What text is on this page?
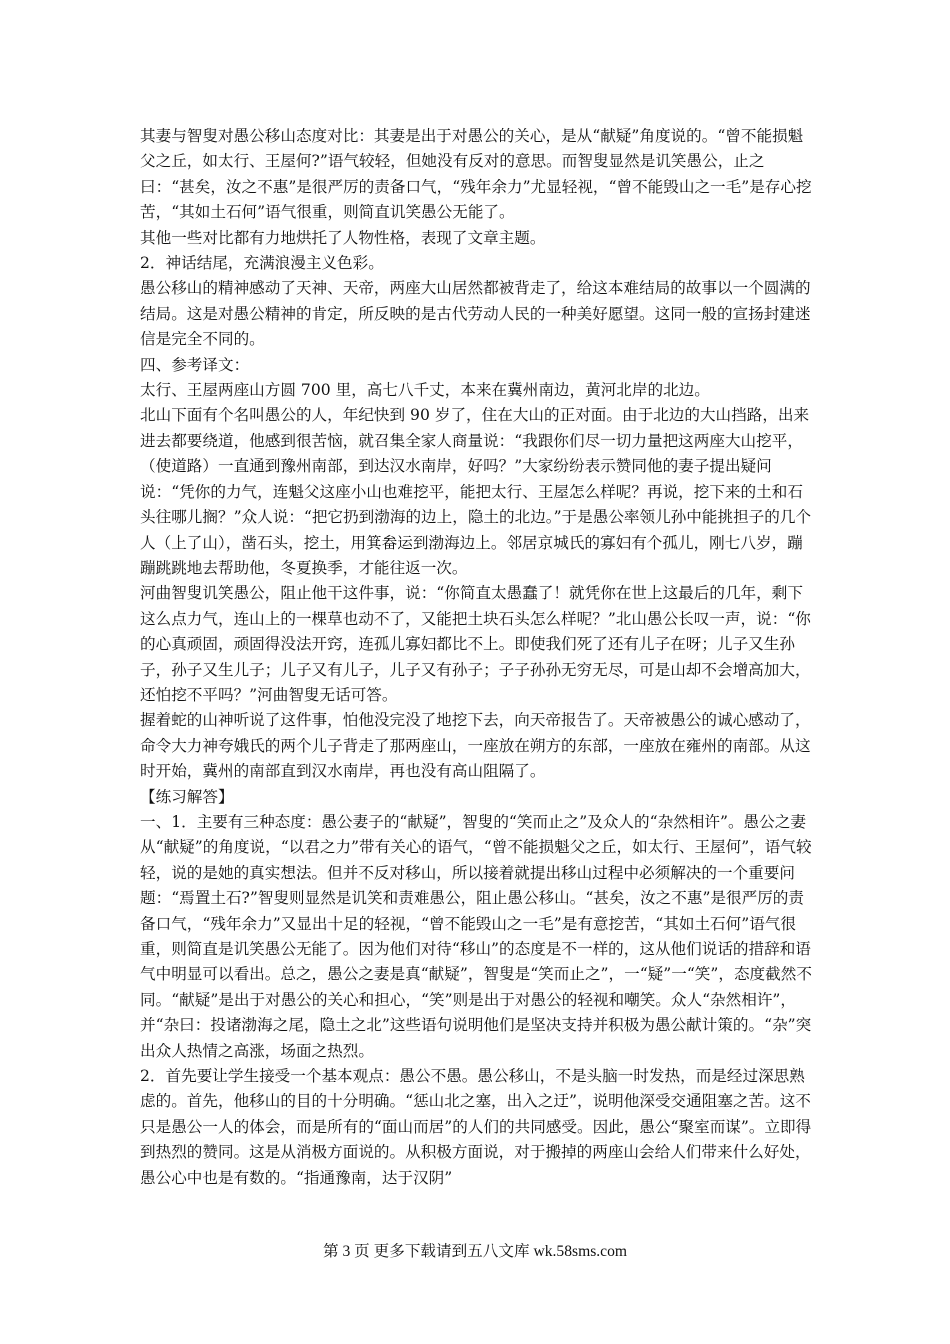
其妻与智叟对愚公移山态度对比：其妻是出于对愚公的关心，是从“献疑”角度说的。“曾不能损魁父之丘，如太行、王屋何?”语气较轻，但她没有反对的意思。而智叟显然是讥笑愚公，止之曰：“甚矣，汝之不惠”是很严厉的责备口气，“残年余力”尤显轻视，“曾不能毁山之一毛”是存心挖苦，“其如土石何”语气很重，则简直讥笑愚公无能了。

其他一些对比都有力地烘托了人物性格，表现了文章主题。

2．神话结尾，充满浪漫主义色彩。

愚公移山的精神感动了天神、天帝，两座大山居然都被背走了，给这本难结局的故事以一个圆满的结局。这是对愚公精神的肯定，所反映的是古代劳动人民的一种美好愿望。这同一般的宣扬封建迷信是完全不同的。

四、参考译文：

太行、王屋两座山方圆 700 里，高七八千丈，本来在冀州南边，黄河北岸的北边。

北山下面有个名叫愚公的人，年纪快到 90 岁了，住在大山的正对面。由于北边的大山挡路，出来进去都要绕道，他感到很苦恼，就召集全家人商量说：“我跟你们尽一切力量把这两座大山挖平，（使道路）一直通到豫州南部，到达汉水南岸，好吗？”大家纷纷表示赞同他的妻子提出疑问说：“凭你的力气，连魁父这座小山也难挖平，能把太行、王屋怎么样呢？再说，挖下来的土和石头往哪儿搁？”众人说：“把它扔到渤海的边上，隐土的北边。”于是愚公率领儿孙中能挑担子的几个人（上了山），凿石头，挖土，用箕畚运到渤海边上。邻居京城氏的寡妇有个孤儿，刚七八岁，蹦蹦跳跳地去帮助他，冬夏换季，才能往返一次。

河曲智叟讥笑愚公，阻止他干这件事，说：“你简直太愚蠢了！就凭你在世上这最后的几年，剩下这么点力气，连山上的一棵草也动不了，又能把土块石头怎么样呢？”北山愚公长叹一声，说：“你的心真顽固，顽固得没法开窍，连孤儿寡妇都比不上。即使我们死了还有儿子在呀；儿子又生孙子，孙子又生儿子；儿子又有儿子，儿子又有孙子；子子孙孙无穷无尽，可是山却不会增高加大，还怕挖不平吗？”河曲智叟无话可答。

握着蛇的山神听说了这件事，怕他没完没了地挖下去，向天帝报告了。天帝被愚公的诚心感动了，命令大力神夸娥氏的两个儿子背走了那两座山，一座放在朔方的东部，一座放在雍州的南部。从这时开始，冀州的南部直到汉水南岸，再也没有高山阻隔了。

【练习解答】

一、1．主要有三种态度：愚公妻子的“献疑”，智叟的“笑而止之”及众人的“杂然相许”。愚公之妻从“献疑”的角度说，“以君之力”带有关心的语气，“曾不能损魁父之丘，如太行、王屋何”，语气较轻，说的是她的真实想法。但并不反对移山，所以接着就提出移山过程中必须解决的一个重要问题：“焉置土石?”智叟则显然是讥笑和责难愚公，阻止愚公移山。“甚矣，汝之不惠”是很严厉的责备口气，“残年余力”又显出十足的轻视，“曾不能毁山之一毛”是有意挖苦，“其如土石何”语气很重，则简直是讥笑愚公无能了。因为他们对待“移山”的态度是不一样的，这从他们说话的措辞和语气中明显可以看出。总之，愚公之妻是真“献疑”，智叟是“笑而止之”，一“疑”一“笑”，态度截然不同。“献疑”是出于对愚公的关心和担心，“笑”则是出于对愚公的轻视和嘲笑。众人“杂然相许”，并“杂曰：投诸渤海之尾，隐土之北”这些语句说明他们是坚决支持并积极为愚公献计策的。“杂”突出众人热情之高涨，场面之热烈。

2．首先要让学生接受一个基本观点：愚公不愚。愚公移山，不是头脑一时发热，而是经过深思熟虑的。首先，他移山的目的十分明确。“惩山北之塞，出入之迂”，说明他深受交通阻塞之苦。这不只是愚公一人的体会，而是所有的“面山而居”的人们的共同感受。因此，愚公“聚室而谋”。立即得到热烈的赞同。这是从消极方面说的。从积极方面说，对于搬掉的两座山会给人们带来什么好处，愚公心中也是有数的。“指通豫南，达于汉阴”

第 3 页 更多下载请到五八文库 wk.58sms.com
